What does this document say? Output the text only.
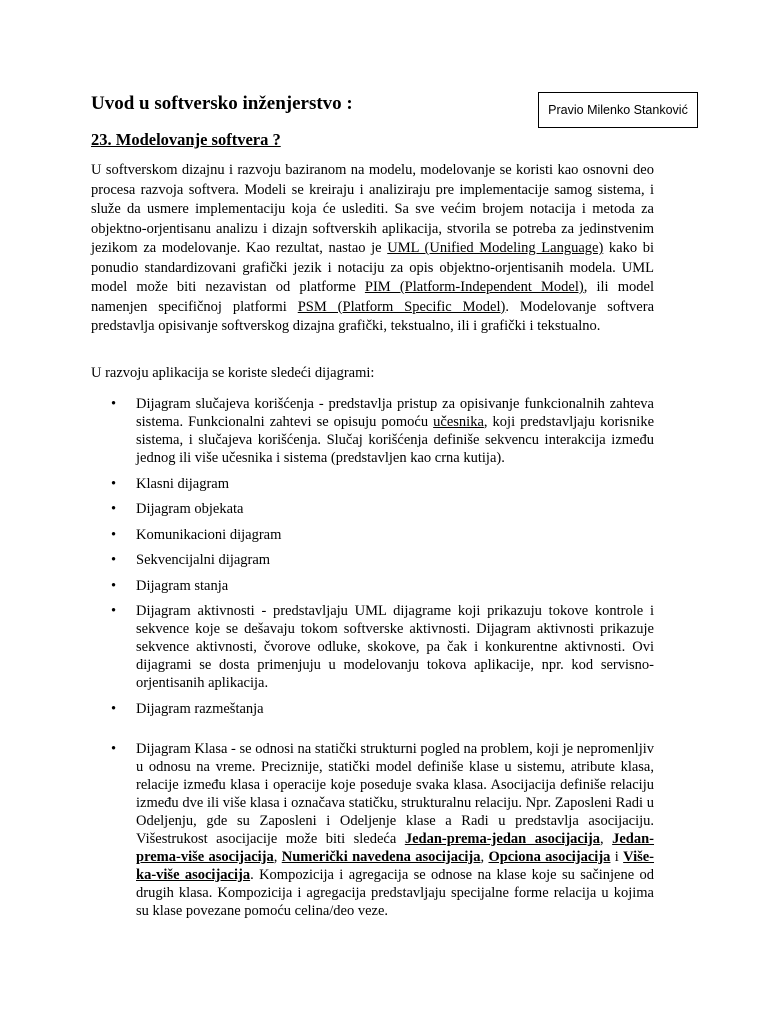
Uvod u softversko inženjerstvo :	Pravio Milenko Stanković
23. Modelovanje softvera ?

U softverskom dizajnu i razvoju baziranom na modelu, modelovanje se koristi kao osnovni deo procesa razvoja softvera. Modeli se kreiraju i analiziraju pre implementacije samog sistema, i služe da usmere implementaciju koja će uslediti. Sa sve većim brojem notacija i metoda za objektno-orjentisanu analizu i dizajn softverskih aplikacija, stvorila se potreba za jedinstvenim jezikom za modelovanje. Kao rezultat, nastao je UML (Unified Modeling Language) kako bi ponudio standardizovani grafički jezik i notaciju za opis objektno-orjentisanih modela. UML model može biti nezavistan od platforme PIM (Platform-Independent Model), ili model namenjen specifičnoj platformi PSM (Platform Specific Model). Modelovanje softvera predstavlja opisivanje softverskog dizajna grafički, tekstualno, ili i grafički i tekstualno.

U razvoju aplikacija se koriste sledeći dijagrami:

• Dijagram slučajeva korišćenja - predstavlja pristup za opisivanje funkcionalnih zahteva sistema. Funkcionalni zahtevi se opisuju pomoću učesnika, koji predstavljaju korisnike sistema, i slučajeva korišćenja. Slučaj korišćenja definiše sekvencu interakcija između jednog ili više učesnika i sistema (predstavljen kao crna kutija).
• Klasni dijagram
• Dijagram objekata
• Komunikacioni dijagram
• Sekvencijalni dijagram
• Dijagram stanja
• Dijagram aktivnosti - predstavljaju UML dijagrame koji prikazuju tokove kontrole i sekvence koje se dešavaju tokom softverske aktivnosti. Dijagram aktivnosti prikazuje sekvence aktivnosti, čvorove odluke, skokove, pa čak i konkurentne aktivnosti. Ovi dijagrami se dosta primenjuju u modelovanju tokova aplikacije, npr. kod servisno-orjentisanih aplikacija.
• Dijagram razmeštanja
• Dijagram Klasa - se odnosi na statički strukturni pogled na problem, koji je nepromenljiv u odnosu na vreme. Preciznije, statički model definiše klase u sistemu, atribute klasa, relacije između klasa i operacije koje poseduje svaka klasa. Asocijacija definiše relaciju između dve ili više klasa i označava statičku, strukturalnu relaciju. Npr. Zaposleni Radi u Odeljenju, gde su Zaposleni i Odeljenje klase a Radi u predstavlja asocijaciju. Višestrukost asocijacije može biti sledeća Jedan-prema-jedan asocijacija, Jedan-prema-više asocijacija, Numerički navedena asocijacija, Opciona asocijacija i Više-ka-više asocijacija. Kompozicija i agregacija se odnose na klase koje su sačinjene od drugih klasa. Kompozicija i agregacija predstavljaju specijalne forme relacija u kojima su klase povezane pomoću celina/deo veze.
